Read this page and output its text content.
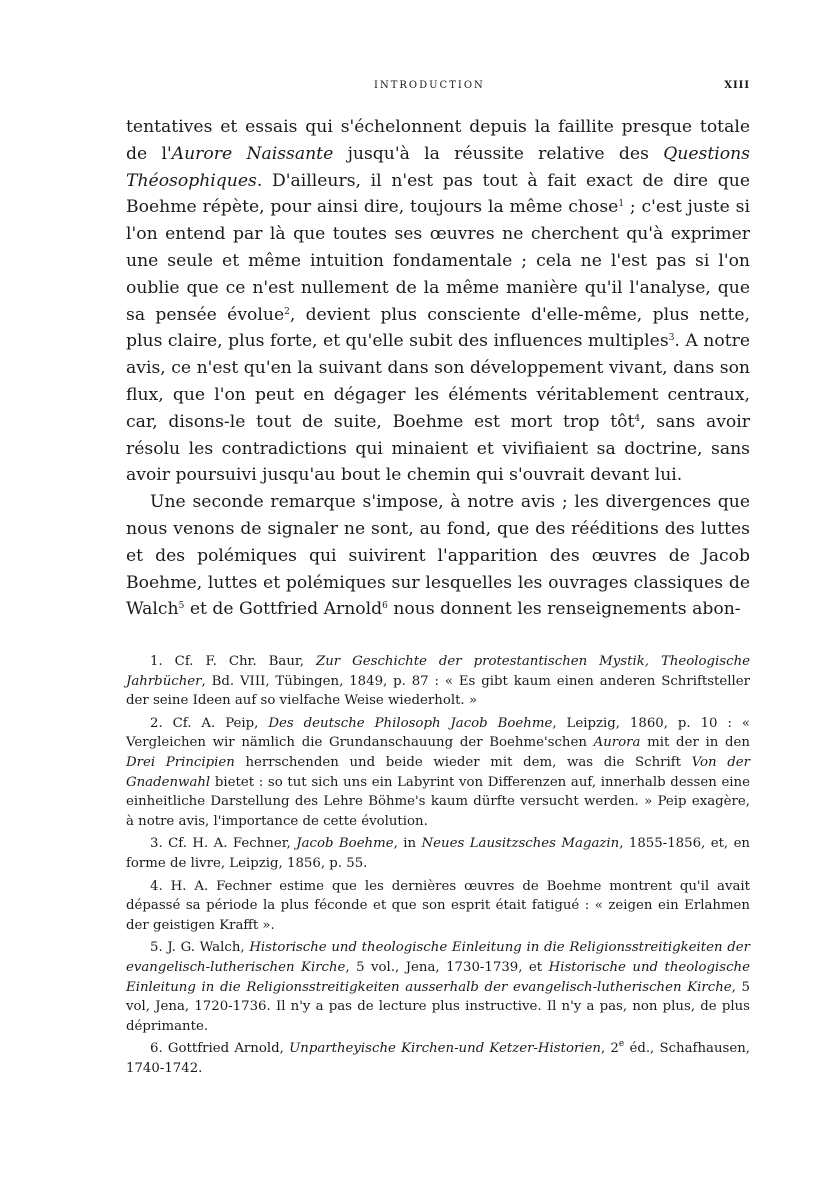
INTRODUCTION	XIII

tentatives et essais qui s'échelonnent depuis la faillite presque totale de l'Aurore Naissante jusqu'à la réussite relative des Questions Théosophiques. D'ailleurs, il n'est pas tout à fait exact de dire que Boehme répète, pour ainsi dire, toujours la même chose$^1$ ; c'est juste si l'on entend par là que toutes ses œuvres ne cherchent qu'à exprimer une seule et même intuition fondamentale ; cela ne l'est pas si l'on oublie que ce n'est nullement de la même manière qu'il l'analyse, que sa pensée évolue$^2$, devient plus consciente d'elle-même, plus nette, plus claire, plus forte, et qu'elle subit des influences multiples$^3$. A notre avis, ce n'est qu'en la suivant dans son développement vivant, dans son flux, que l'on peut en dégager les éléments véritablement centraux, car, disons-le tout de suite, Boehme est mort trop tôt$^4$, sans avoir résolu les contradictions qui minaient et vivifiaient sa doctrine, sans avoir poursuivi jusqu'au bout le chemin qui s'ouvrait devant lui.

Une seconde remarque s'impose, à notre avis ; les divergences que nous venons de signaler ne sont, au fond, que des rééditions des luttes et des polémiques qui suivirent l'apparition des œuvres de Jacob Boehme, luttes et polémiques sur lesquelles les ouvrages classiques de Walch$^5$ et de Gottfried Arnold$^6$ nous donnent les renseignements abon-

1. Cf. F. Chr. Baur, Zur Geschichte der protestantischen Mystik, Theologische Jahrbücher, Bd. VIII, Tübingen, 1849, p. 87 : « Es gibt kaum einen anderen Schriftsteller der seine Ideen auf so vielfache Weise wiederholt. »

2. Cf. A. Peip, Des deutsche Philosoph Jacob Boehme, Leipzig, 1860, p. 10 : « Vergleichen wir nämlich die Grundanschauung der Boehme'schen Aurora mit der in den Drei Principien herrschenden und beide wieder mit dem, was die Schrift Von der Gnadenwahl bietet : so tut sich uns ein Labyrint von Differenzen auf, innerhalb dessen eine einheitliche Darstellung des Lehre Böhme's kaum dürfte versucht werden. » Peip exagère, à notre avis, l'importance de cette évolution.

3. Cf. H. A. Fechner, Jacob Boehme, in Neues Lausitzsches Magazin, 1855-1856, et, en forme de livre, Leipzig, 1856, p. 55.

4. H. A. Fechner estime que les dernières œuvres de Boehme montrent qu'il avait dépassé sa période la plus féconde et que son esprit était fatigué : « zeigen ein Erlahmen der geistigen Krafft ».

5. J. G. Walch, Historische und theologische Einleitung in die Religionsstreitigkeiten der evangelisch-lutherischen Kirche, 5 vol., Jena, 1730-1739, et Historische und theologische Einleitung in die Religionsstreitigkeiten ausserhalb der evangelisch-lutherischen Kirche, 5 vol, Jena, 1720-1736. Il n'y a pas de lecture plus instructive. Il n'y a pas, non plus, de plus déprimante.

6. Gottfried Arnold, Unpartheyische Kirchen-und Ketzer-Historien, 2e éd., Schafhausen, 1740-1742.
